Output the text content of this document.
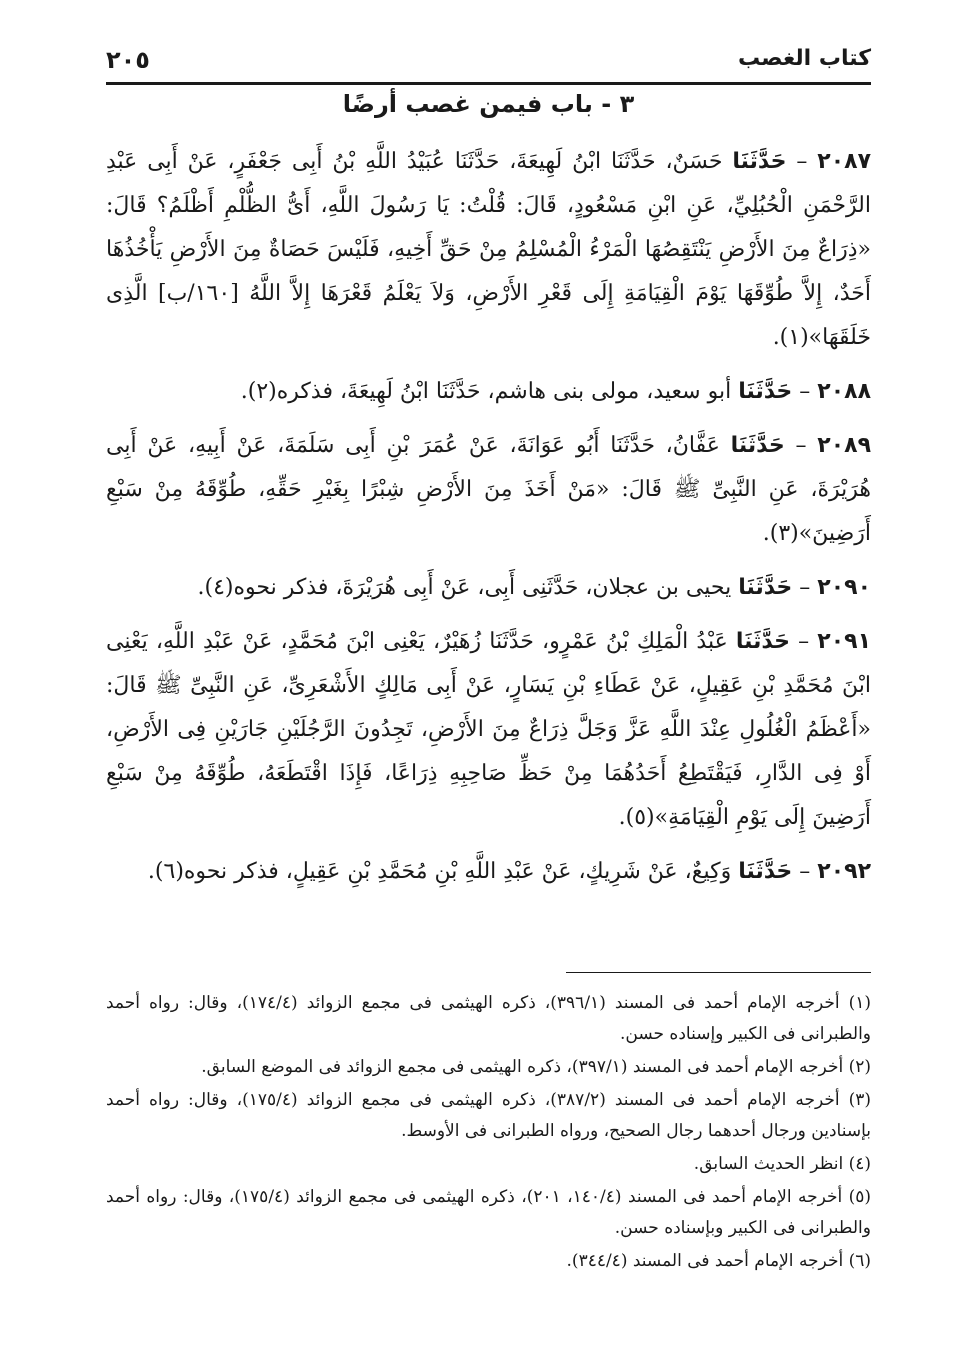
كتاب الغصب
٢٠٥
٣ - باب فيمن غصب أرضًا

٢٠٨٧ – حَدَّثَنَا حَسَنٌ، حَدَّثَنَا ابْنُ لَهِيعَةَ، حَدَّثَنَا عُبَيْدُ اللَّهِ بْنُ أَبِى جَعْفَرٍ، عَنْ أَبِى عَبْدِ الرَّحْمَنِ الْحُبُلِيِّ، عَنِ ابْنِ مَسْعُودٍ، قَالَ: قُلْتُ: يَا رَسُولَ اللَّهِ، أَىُّ الظُّلْمِ أَظْلَمُ؟ قَالَ: «ذِرَاعٌ مِنَ الأَرْضِ يَنْتَقِصُهَا الْمَرْءُ الْمُسْلِمُ مِنْ حَقِّ أَخِيهِ، فَلَيْسَ حَصَاةٌ مِنَ الأَرْضِ يَأْخُذُهَا أَحَدٌ، إِلاَّ طُوِّقَهَا يَوْمَ الْقِيَامَةِ إِلَى قَعْرِ الأَرْضِ، وَلاَ يَعْلَمُ قَعْرَهَا إِلاَّ اللَّهُ [١٦٠/ب] الَّذِى خَلَقَهَا»(١).

٢٠٨٨ – حَدَّثَنَا أبو سعيد، مولى بنى هاشم، حَدَّثَنَا ابْنُ لَهِيعَةَ، فذكره(٢).

٢٠٨٩ – حَدَّثَنَا عَفَّانُ، حَدَّثَنَا أَبُو عَوَانَةَ، عَنْ عُمَرَ بْنِ أَبِى سَلَمَةَ، عَنْ أَبِيهِ، عَنْ أَبِى هُرَيْرَةَ، عَنِ النَّبِىِّ ﷺ قَالَ: «مَنْ أَخَذَ مِنَ الأَرْضِ شِبْرًا بِغَيْرِ حَقِّهِ، طُوِّقَهُ مِنْ سَبْعِ أَرَضِينَ»(٣).

٢٠٩٠ – حَدَّثَنَا يحيى بن عجلان، حَدَّثَنِى أَبِى، عَنْ أَبِى هُرَيْرَةَ، فذكر نحوه(٤).

٢٠٩١ – حَدَّثَنَا عَبْدُ الْمَلِكِ بْنُ عَمْرٍو، حَدَّثَنَا زُهَيْرٌ، يَعْنِى ابْنَ مُحَمَّدٍ، عَنْ عَبْدِ اللَّهِ، يَعْنِى ابْنَ مُحَمَّدِ بْنِ عَقِيلٍ، عَنْ عَطَاءِ بْنِ يَسَارٍ، عَنْ أَبِى مَالِكٍ الأَشْعَرِىِّ، عَنِ النَّبِىِّ ﷺ قَالَ: «أَعْظَمُ الْغُلُولِ عِنْدَ اللَّهِ عَزَّ وَجَلَّ ذِرَاعٌ مِنَ الأَرْضِ، تَجِدُونَ الرَّجُلَيْنِ جَارَيْنِ فِى الأَرْضِ، أَوْ فِى الدَّارِ، فَيَقْتَطِعُ أَحَدُهُمَا مِنْ حَظِّ صَاحِبِهِ ذِرَاعًا، فَإِذَا اقْتَطَعَهُ، طُوِّقَهُ مِنْ سَبْعِ أَرَضِينَ إِلَى يَوْمِ الْقِيَامَةِ»(٥).

٢٠٩٢ – حَدَّثَنَا وَكِيعٌ، عَنْ شَرِيكٍ، عَنْ عَبْدِ اللَّهِ بْنِ مُحَمَّدِ بْنِ عَقِيلٍ، فذكر نحوه(٦).

(١) أخرجه الإمام أحمد فى المسند (٣٩٦/١)، ذكره الهيثمى فى مجمع الزوائد (١٧٤/٤)، وقال: رواه أحمد والطبرانى فى الكبير وإسناده حسن.

(٢) أخرجه الإمام أحمد فى المسند (٣٩٧/١)، ذكره الهيثمى فى مجمع الزوائد فى الموضع السابق.

(٣) أخرجه الإمام أحمد فى المسند (٣٨٧/٢)، ذكره الهيثمى فى مجمع الزوائد (١٧٥/٤)، وقال: رواه أحمد بإسنادين ورجال أحدهما رجال الصحيح، ورواه الطبرانى فى الأوسط.

(٤) انظر الحديث السابق.

(٥) أخرجه الإمام أحمد فى المسند (١٤٠/٤، ٢٠١)، ذكره الهيثمى فى مجمع الزوائد (١٧٥/٤)، وقال: رواه أحمد والطبرانى فى الكبير وبإسناده حسن.

(٦) أخرجه الإمام أحمد فى المسند (٣٤٤/٤).
